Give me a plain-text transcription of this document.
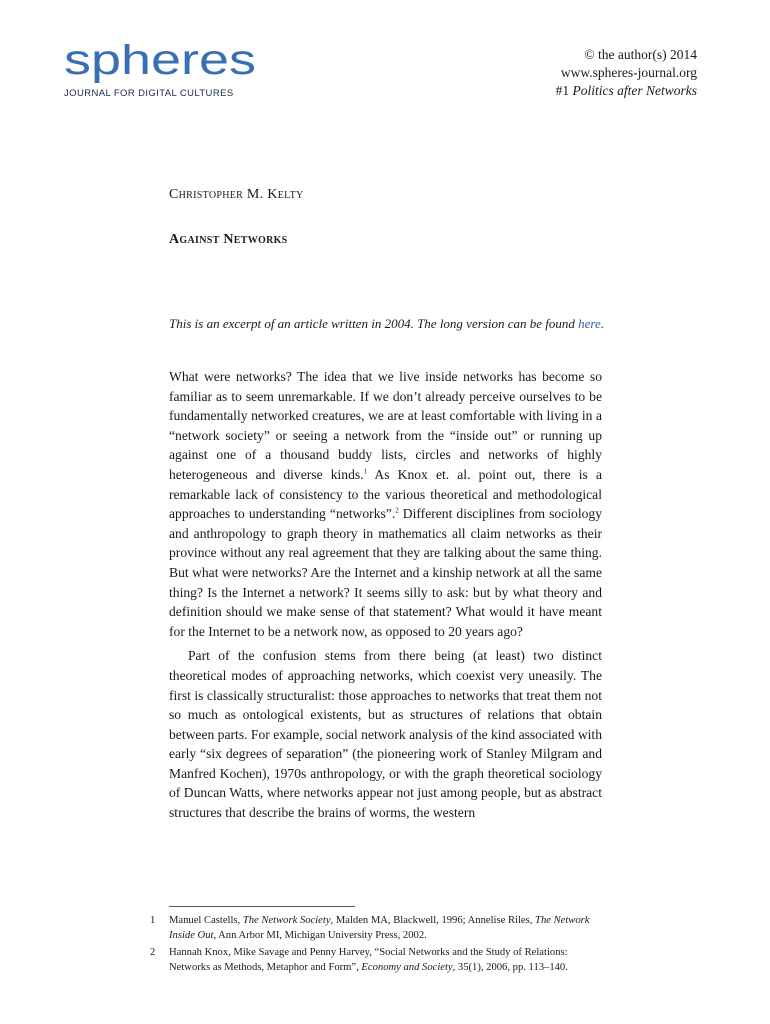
spheres
JOURNAL FOR DIGITAL CULTURES
© the author(s) 2014
www.spheres-journal.org
#1 Politics after Networks
Christopher M. Kelty
Against Networks
This is an excerpt of an article written in 2004. The long version can be found here.

What were networks? The idea that we live inside networks has become so familiar as to seem unremarkable. If we don’t already perceive ourselves to be fundamentally networked creatures, we are at least comfortable with living in a “network society” or seeing a network from the “inside out” or running up against one of a thousand buddy lists, circles and networks of highly heterogeneous and diverse kinds.$^1$ As Knox et. al. point out, there is a remarkable lack of consistency to the various theoretical and methodological approaches to understanding “networks”.$^2$ Different disciplines from sociology and anthropology to graph theory in mathematics all claim networks as their province without any real agreement that they are talking about the same thing. But what were networks? Are the Internet and a kinship network at all the same thing? Is the Internet a network? It seems silly to ask: but by what theory and definition should we make sense of that statement? What would it have meant for the Internet to be a network now, as opposed to 20 years ago?

Part of the confusion stems from there being (at least) two distinct theoretical modes of approaching networks, which coexist very uneasily. The first is classically structuralist: those approaches to networks that treat them not so much as ontological existents, but as structures of relations that obtain between parts. For example, social network analysis of the kind associated with early “six degrees of separation” (the pioneering work of Stanley Milgram and Manfred Kochen), 1970s anthropology, or with the graph theoretical sociology of Duncan Watts, where networks appear not just among people, but as abstract structures that describe the brains of worms, the western

1	Manuel Castells, The Network Society, Malden MA, Blackwell, 1996; Annelise Riles, The Network Inside Out, Ann Arbor MI, Michigan University Press, 2002.
2	Hannah Knox, Mike Savage and Penny Harvey, “Social Networks and the Study of Relations: Networks as Methods, Metaphor and Form”, Economy and Society, 35(1), 2006, pp. 113–140.
